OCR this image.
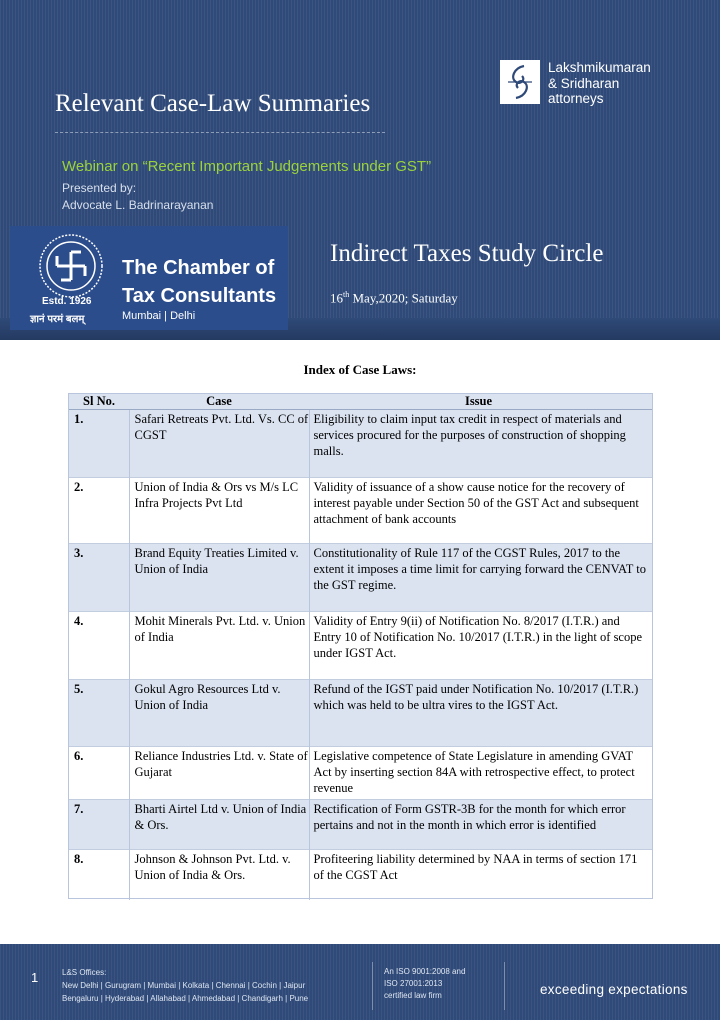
Relevant Case-Law Summaries
Webinar on “Recent Important Judgements under GST”
Presented by:
Advocate L. Badrinarayanan
Lakshmikumaran
& Sridharan
attorneys
Estd. 1926
ज्ञानं परमं बलम्
The Chamber of
Tax Consultants
Mumbai | Delhi
Indirect Taxes Study Circle
16th May,2020; Saturday
Index of Case Laws:
Sl No.	Case	Issue
1.	Safari Retreats Pvt. Ltd. Vs. CC of CGST	Eligibility to claim input tax credit in respect of materials and services procured for the purposes of construction of shopping malls.
2.	Union of India & Ors vs M/s LC Infra Projects Pvt Ltd	Validity of issuance of a show cause notice for the recovery of interest payable under Section 50 of the GST Act and subsequent attachment of bank accounts
3.	Brand Equity Treaties Limited v. Union of India	Constitutionality of Rule 117 of the CGST Rules, 2017 to the extent it imposes a time limit for carrying forward the CENVAT to the GST regime.
4.	Mohit Minerals Pvt. Ltd. v. Union of India	Validity of Entry 9(ii) of Notification No. 8/2017 (I.T.R.) and Entry 10 of Notification No. 10/2017 (I.T.R.) in the light of scope under IGST Act.
5.	Gokul Agro Resources Ltd v. Union of India	Refund of the IGST paid under Notification No. 10/2017 (I.T.R.) which was held to be ultra vires to the IGST Act.
6.	Reliance Industries Ltd. v. State of Gujarat	Legislative competence of State Legislature in amending GVAT Act by inserting section 84A with retrospective effect, to protect revenue
7.	Bharti Airtel Ltd v. Union of India & Ors.	Rectification of Form GSTR-3B for the month for which error pertains and not in the month in which error is identified
8.	Johnson & Johnson Pvt. Ltd. v. Union of India & Ors.	Profiteering liability determined by NAA in terms of section 171 of the CGST Act
1	L&S Offices:
New Delhi | Gurugram | Mumbai | Kolkata | Chennai | Cochin | Jaipur
Bengaluru | Hyderabad | Allahabad | Ahmedabad | Chandigarh | Pune
An ISO 9001:2008 and
ISO 27001:2013
certified law firm	exceeding expectations
